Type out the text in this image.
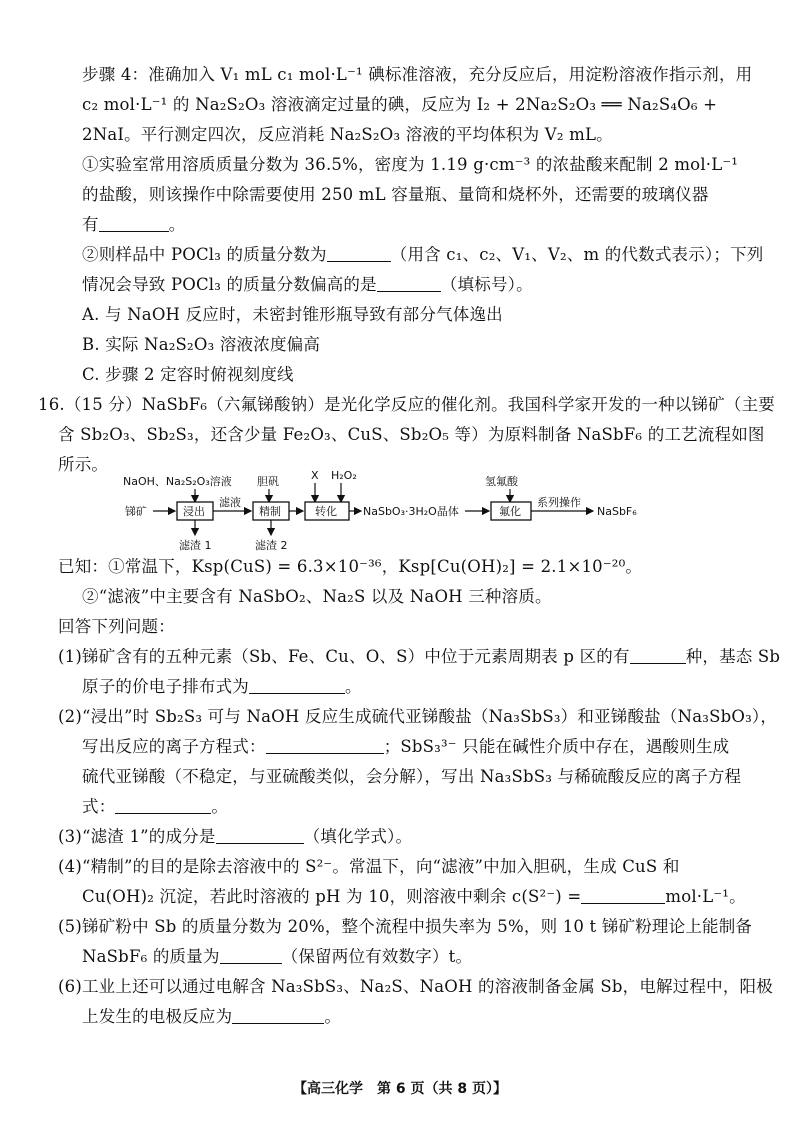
步骤 4：准确加入 V₁ mL c₁ mol·L⁻¹ 碘标准溶液，充分反应后，用淀粉溶液作指示剂，用
c₂ mol·L⁻¹ 的 Na₂S₂O₃ 溶液滴定过量的碘，反应为 I₂ + 2Na₂S₂O₃ ══ Na₂S₄O₆ +
2NaI。平行测定四次，反应消耗 Na₂S₂O₃ 溶液的平均体积为 V₂ mL。
①实验室常用溶质质量分数为 36.5%，密度为 1.19 g·cm⁻³ 的浓盐酸来配制 2 mol·L⁻¹
的盐酸，则该操作中除需要使用 250 mL 容量瓶、量筒和烧杯外，还需要的玻璃仪器
有	。
②则样品中 POCl₃ 的质量分数为	（用含 c₁、c₂、V₁、V₂、m 的代数式表示）；下列
情况会导致 POCl₃ 的质量分数偏高的是	（填标号）。
A. 与 NaOH 反应时，未密封锥形瓶导致有部分气体逸出
B. 实际 Na₂S₂O₃ 溶液浓度偏高
C. 步骤 2 定容时俯视刻度线
16.（15 分）NaSbF₆（六氟锑酸钠）是光化学反应的催化剂。我国科学家开发的一种以锑矿（主要
含 Sb₂O₃、Sb₂S₃，还含少量 Fe₂O₃、CuS、Sb₂O₅ 等）为原料制备 NaSbF₆ 的工艺流程如图
所示。
NaOH、Na₂S₂O₃溶液 胆矾	X H₂O₂	氢氟酸
锑矿	浸出
滤液
精制	转化 NaSbO₃·3H₂O晶体	氟化
系列操作
NaSbF₆
滤渣 1	滤渣 2
已知：①常温下，Ksp(CuS) = 6.3×10⁻³⁶，Ksp[Cu(OH)₂] = 2.1×10⁻²⁰。
②“滤液”中主要含有 NaSbO₂、Na₂S 以及 NaOH 三种溶质。
回答下列问题：
(1)锑矿含有的五种元素（Sb、Fe、Cu、O、S）中位于元素周期表 p 区的有	种，基态 Sb
原子的价电子排布式为	。
(2)“浸出”时 Sb₂S₃ 可与 NaOH 反应生成硫代亚锑酸盐（Na₃SbS₃）和亚锑酸盐（Na₃SbO₃），
写出反应的离子方程式：	；SbS₃³⁻ 只能在碱性介质中存在，遇酸则生成
硫代亚锑酸（不稳定，与亚硫酸类似，会分解），写出 Na₃SbS₃ 与稀硫酸反应的离子方程
式：	。
(3)“滤渣 1”的成分是	（填化学式）。
(4)“精制”的目的是除去溶液中的 S²⁻。常温下，向“滤液”中加入胆矾，生成 CuS 和
Cu(OH)₂ 沉淀，若此时溶液的 pH 为 10，则溶液中剩余 c(S²⁻) =	mol·L⁻¹。
(5)锑矿粉中 Sb 的质量分数为 20%，整个流程中损失率为 5%，则 10 t 锑矿粉理论上能制备
NaSbF₆ 的质量为	（保留两位有效数字）t。
(6)工业上还可以通过电解含 Na₃SbS₃、Na₂S、NaOH 的溶液制备金属 Sb，电解过程中，阳极
上发生的电极反应为	。
【高三化学　第 6 页（共 8 页）】
